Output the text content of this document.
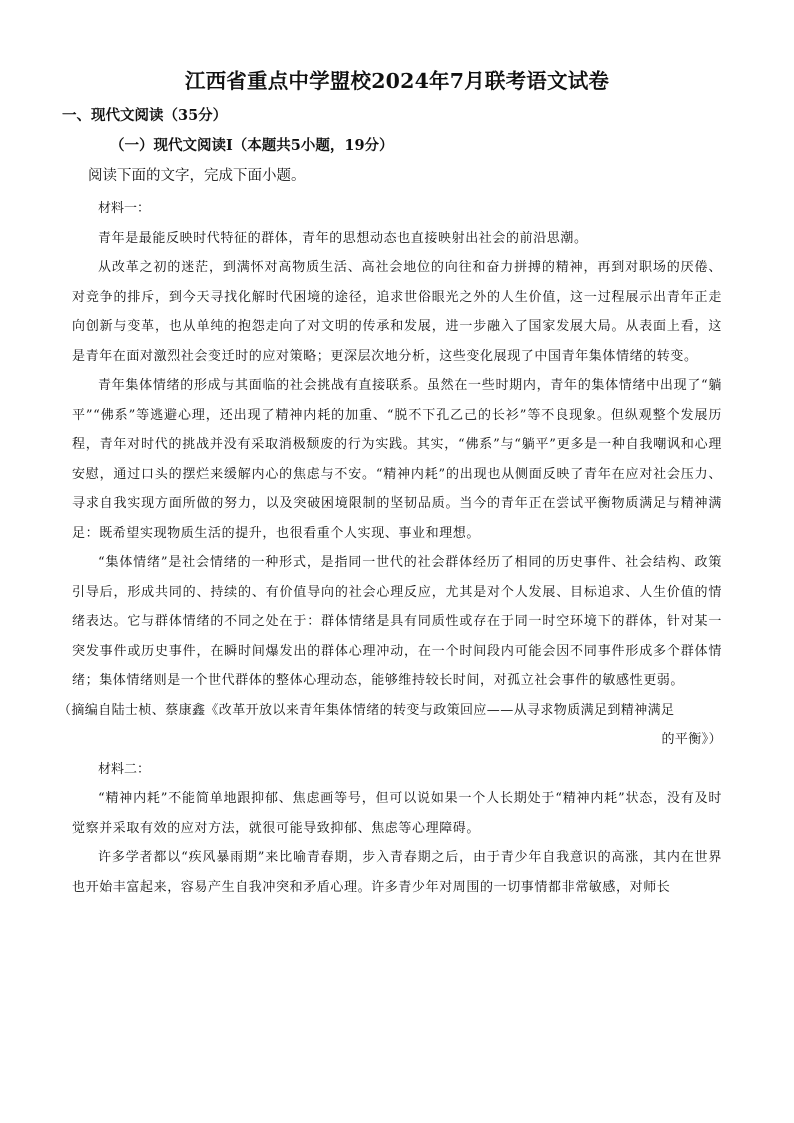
江西省重点中学盟校2024年7月联考语文试卷
一、现代文阅读（35分）
（一）现代文阅读I（本题共5小题，19分）
阅读下面的文字，完成下面小题。

材料一：

青年是最能反映时代特征的群体，青年的思想动态也直接映射出社会的前沿思潮。

从改革之初的迷茫，到满怀对高物质生活、高社会地位的向往和奋力拼搏的精神，再到对职场的厌倦、对竞争的排斥，到今天寻找化解时代困境的途径，追求世俗眼光之外的人生价值，这一过程展示出青年正走向创新与变革，也从单纯的抱怨走向了对文明的传承和发展，进一步融入了国家发展大局。从表面上看，这是青年在面对激烈社会变迁时的应对策略；更深层次地分析，这些变化展现了中国青年集体情绪的转变。

青年集体情绪的形成与其面临的社会挑战有直接联系。虽然在一些时期内，青年的集体情绪中出现了“躺平”“佛系”等逃避心理，还出现了精神内耗的加重、“脱不下孔乙己的长衫”等不良现象。但纵观整个发展历程，青年对时代的挑战并没有采取消极颓废的行为实践。其实，“佛系”与“躺平”更多是一种自我嘲讽和心理安慰，通过口头的摆烂来缓解内心的焦虑与不安。“精神内耗”的出现也从侧面反映了青年在应对社会压力、寻求自我实现方面所做的努力，以及突破困境限制的坚韧品质。当今的青年正在尝试平衡物质满足与精神满足：既希望实现物质生活的提升，也很看重个人实现、事业和理想。

“集体情绪”是社会情绪的一种形式，是指同一世代的社会群体经历了相同的历史事件、社会结构、政策引导后，形成共同的、持续的、有价值导向的社会心理反应，尤其是对个人发展、目标追求、人生价值的情绪表达。它与群体情绪的不同之处在于：群体情绪是具有同质性或存在于同一时空环境下的群体，针对某一突发事件或历史事件，在瞬时间爆发出的群体心理冲动，在一个时间段内可能会因不同事件形成多个群体情绪；集体情绪则是一个世代群体的整体心理动态，能够维持较长时间，对孤立社会事件的敏感性更弱。

（摘编自陆士桢、蔡康鑫《改革开放以来青年集体情绪的转变与政策回应——从寻求物质满足到精神满足

的平衡》）

材料二：

“精神内耗”不能简单地跟抑郁、焦虑画等号，但可以说如果一个人长期处于“精神内耗”状态，没有及时觉察并采取有效的应对方法，就很可能导致抑郁、焦虑等心理障碍。

许多学者都以“疾风暴雨期”来比喻青春期，步入青春期之后，由于青少年自我意识的高涨，其内在世界也开始丰富起来，容易产生自我冲突和矛盾心理。许多青少年对周围的一切事情都非常敏感，对师长
